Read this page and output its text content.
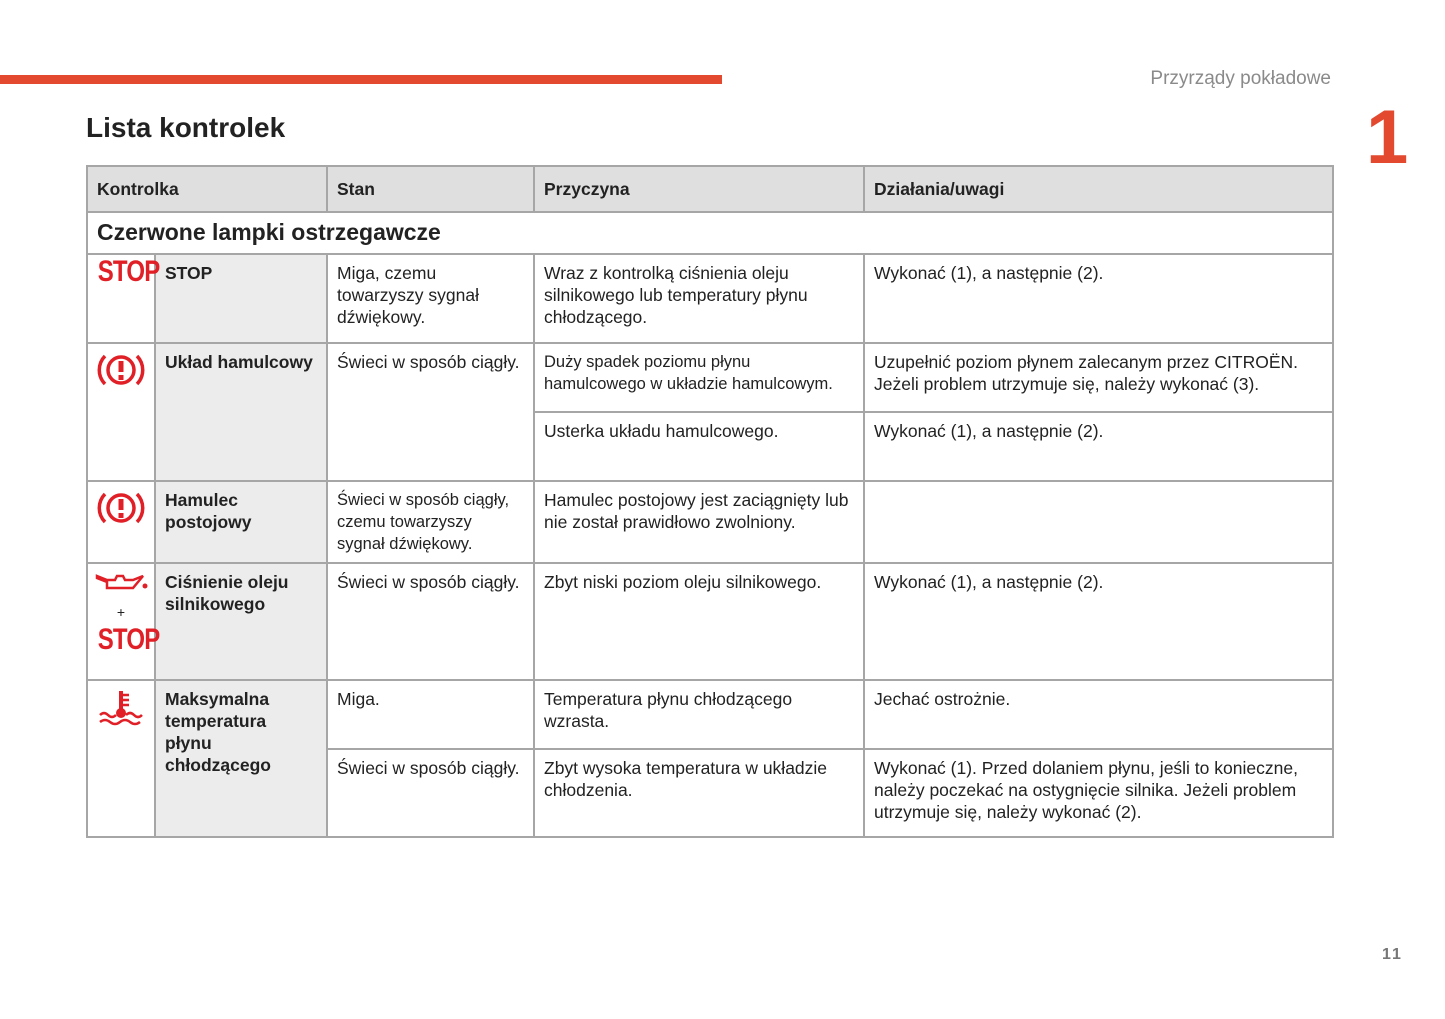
Przyrządy pokładowe
1
Lista kontrolek
Kontrolka		Stan	Przyczyna	Działania/uwagi
Czerwone lampki ostrzegawcze				
STOP	STOP	Miga, czemu towarzyszy sygnał dźwiękowy.	Wraz z kontrolką ciśnienia oleju silnikowego lub temperatury płynu chłodzącego.	Wykonać (1), a następnie (2).
	Układ hamulcowy	Świeci w sposób ciągły.	Duży spadek poziomu płynu hamulcowego w układzie hamulcowym.	Uzupełnić poziom płynem zalecanym przez CITROËN. Jeżeli problem utrzymuje się, należy wykonać (3).
			Usterka układu hamulcowego.	Wykonać (1), a następnie (2).
	Hamulec postojowy	Świeci w sposób ciągły, czemu towarzyszy sygnał dźwiękowy.	Hamulec postojowy jest zaciągnięty lub nie został prawidłowo zwolniony.	

+
STOP	Ciśnienie oleju silnikowego	Świeci w sposób ciągły.	Zbyt niski poziom oleju silnikowego.	Wykonać (1), a następnie (2).
	Maksymalna temperatura płynu chłodzącego	Miga.	Temperatura płynu chłodzącego wzrasta.	Jechać ostrożnie.
		Świeci w sposób ciągły.	Zbyt wysoka temperatura w układzie chłodzenia.	Wykonać (1). Przed dolaniem płynu, jeśli to konieczne, należy poczekać na ostygnięcie silnika. Jeżeli problem utrzymuje się, należy wykonać (2).
11
